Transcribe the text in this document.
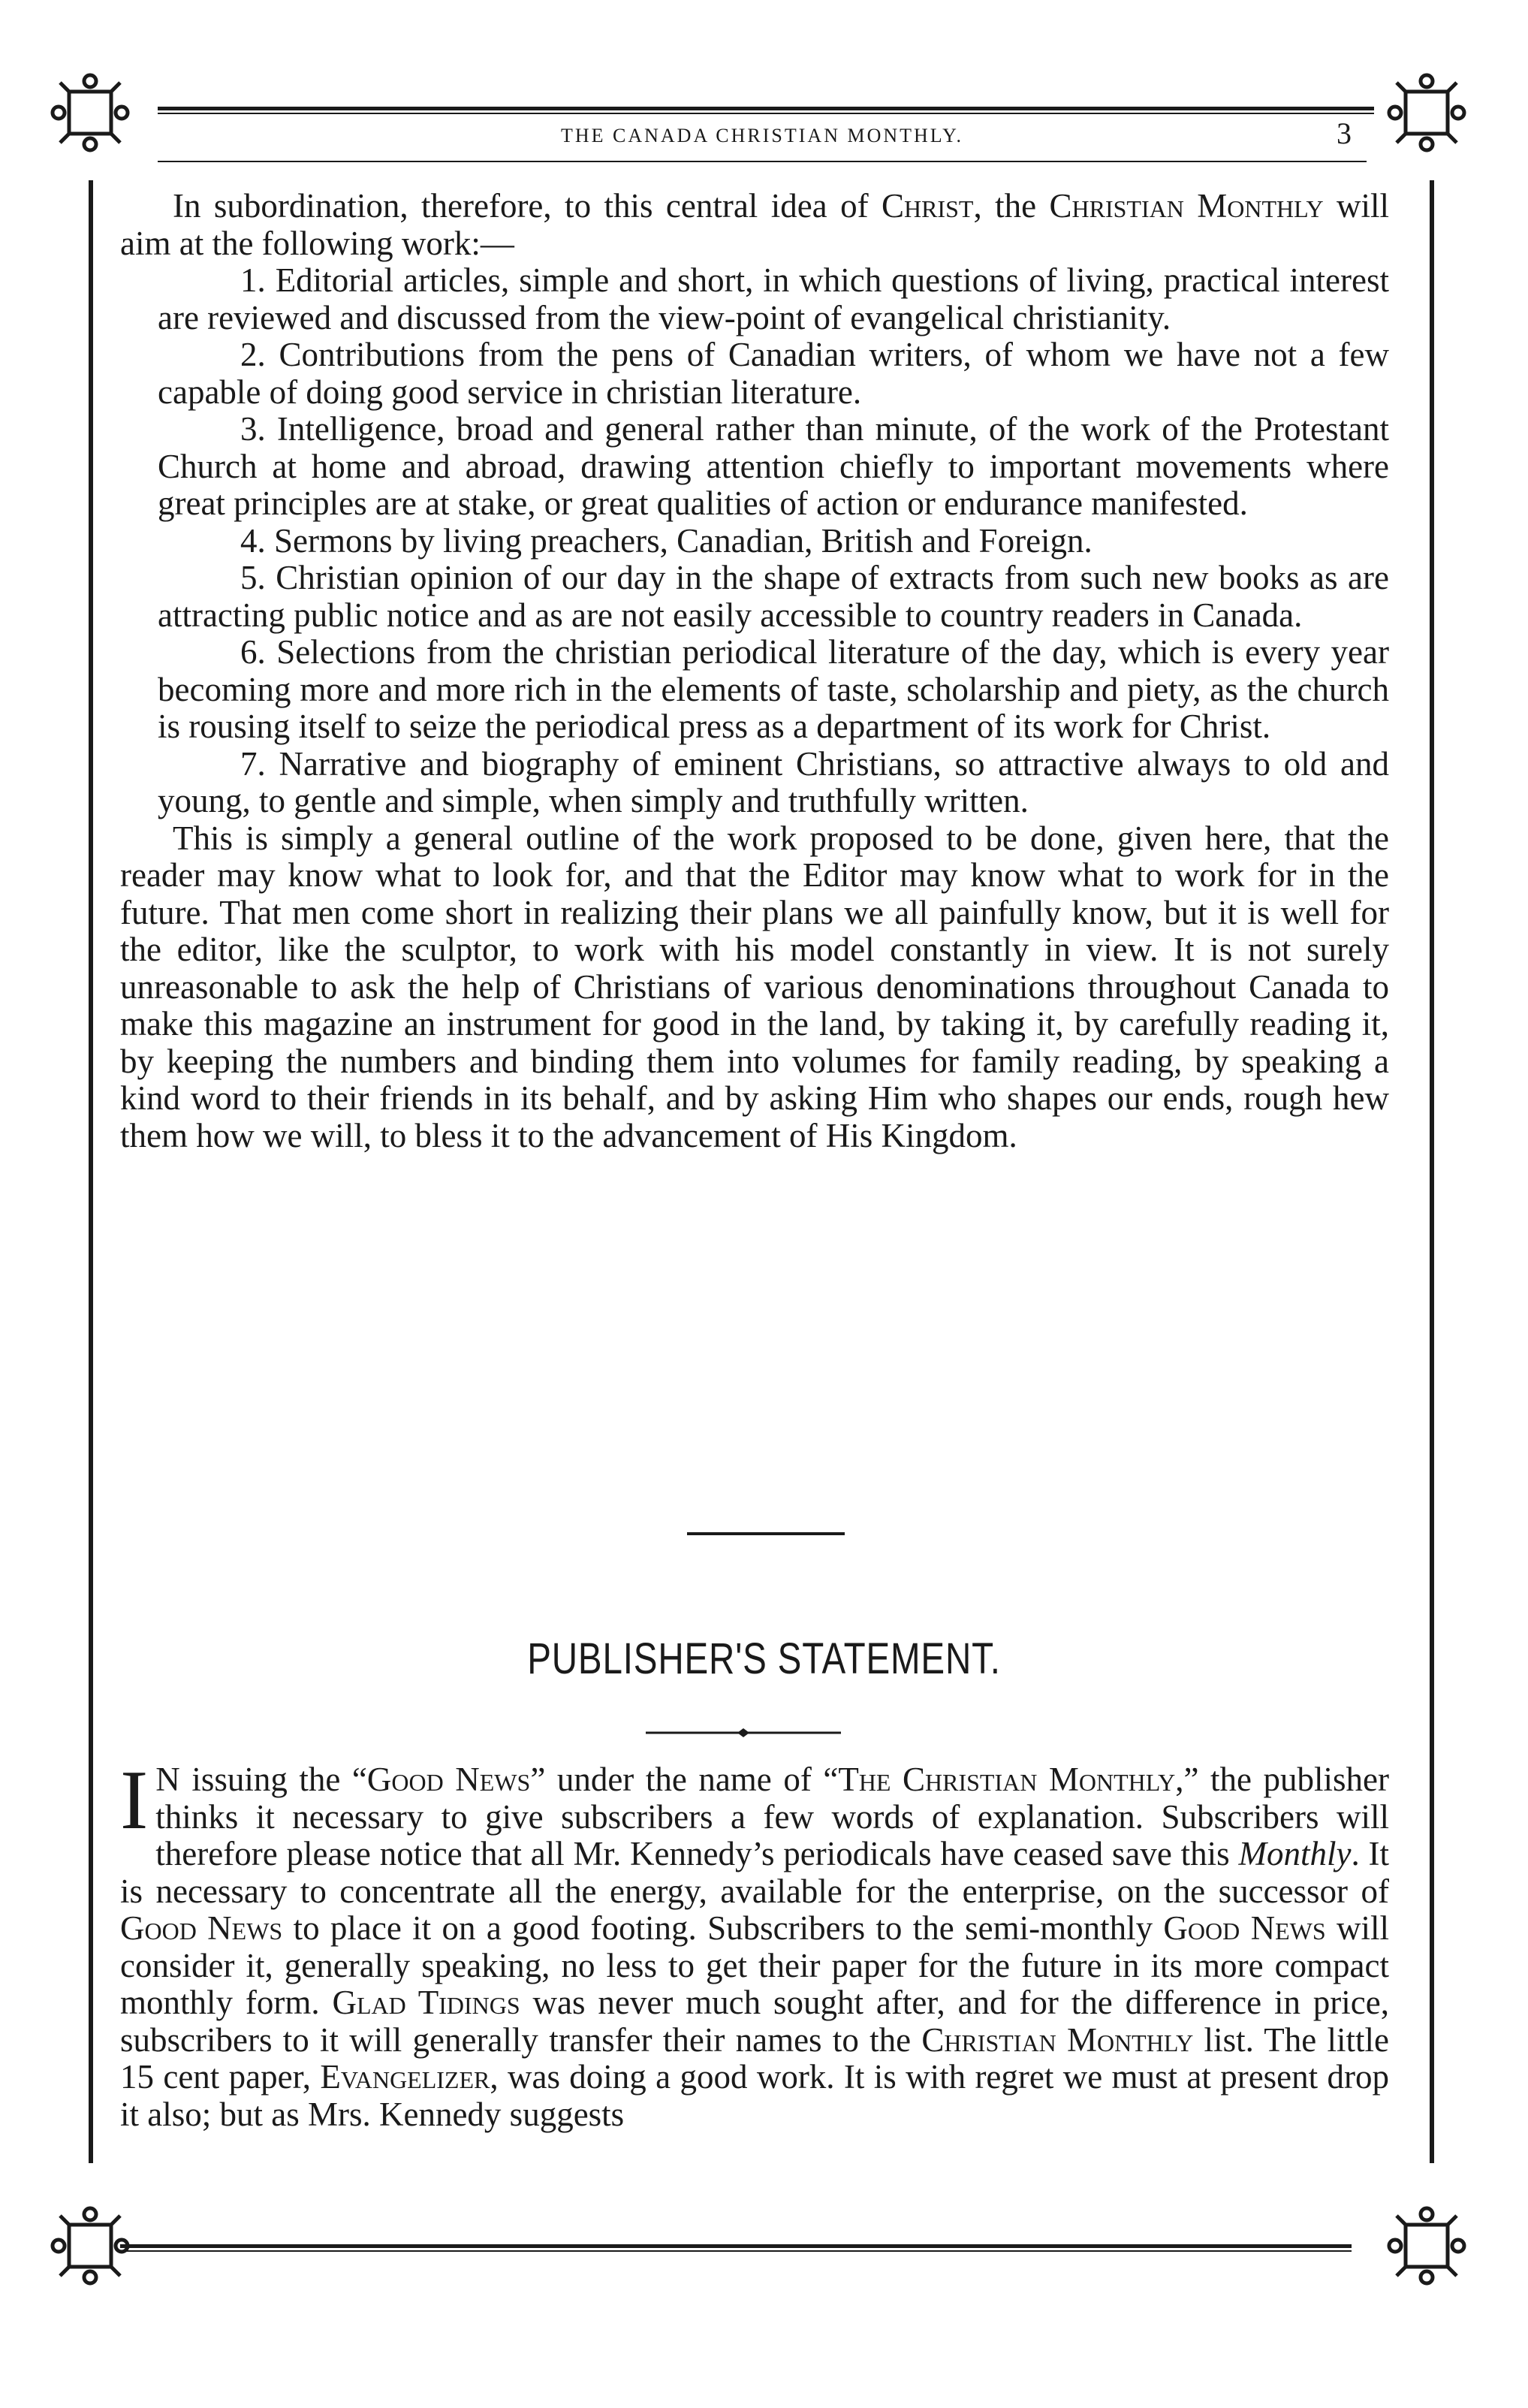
THE CANADA CHRISTIAN MONTHLY.	3

In subordination, therefore, to this central idea of Christ, the Christian Monthly will aim at the following work:—

1. Editorial articles, simple and short, in which questions of living, practical interest are reviewed and discussed from the view-point of evangelical christianity.

2. Contributions from the pens of Canadian writers, of whom we have not a few capable of doing good service in christian literature.

3. Intelligence, broad and general rather than minute, of the work of the Protestant Church at home and abroad, drawing attention chiefly to important movements where great principles are at stake, or great qualities of action or endurance manifested.

4. Sermons by living preachers, Canadian, British and Foreign.

5. Christian opinion of our day in the shape of extracts from such new books as are attracting public notice and as are not easily accessible to country readers in Canada.

6. Selections from the christian periodical literature of the day, which is every year becoming more and more rich in the elements of taste, scholarship and piety, as the church is rousing itself to seize the periodical press as a department of its work for Christ.

7. Narrative and biography of eminent Christians, so attractive always to old and young, to gentle and simple, when simply and truthfully written.

This is simply a general outline of the work proposed to be done, given here, that the reader may know what to look for, and that the Editor may know what to work for in the future. That men come short in realizing their plans we all painfully know, but it is well for the editor, like the sculptor, to work with his model constantly in view. It is not surely unreasonable to ask the help of Christians of various denominations throughout Canada to make this magazine an instrument for good in the land, by taking it, by carefully reading it, by keeping the numbers and binding them into volumes for family reading, by speaking a kind word to their friends in its behalf, and by asking Him who shapes our ends, rough hew them how we will, to bless it to the advancement of His Kingdom.

PUBLISHER'S STATEMENT.

I N issuing the “Good News” under the name of “The Christian Monthly,” the publisher thinks it necessary to give subscribers a few words of explanation. Subscribers will therefore please notice that all Mr. Kennedy’s periodicals have ceased save this Monthly. It is necessary to concentrate all the energy, available for the enterprise, on the successor of Good News to place it on a good footing. Subscribers to the semi-monthly Good News will consider it, generally speaking, no less to get their paper for the future in its more compact monthly form. Glad Tidings was never much sought after, and for the difference in price, subscribers to it will generally transfer their names to the Christian Monthly list. The little 15 cent paper, Evangelizer, was doing a good work. It is with regret we must at present drop it also; but as Mrs. Kennedy suggests
